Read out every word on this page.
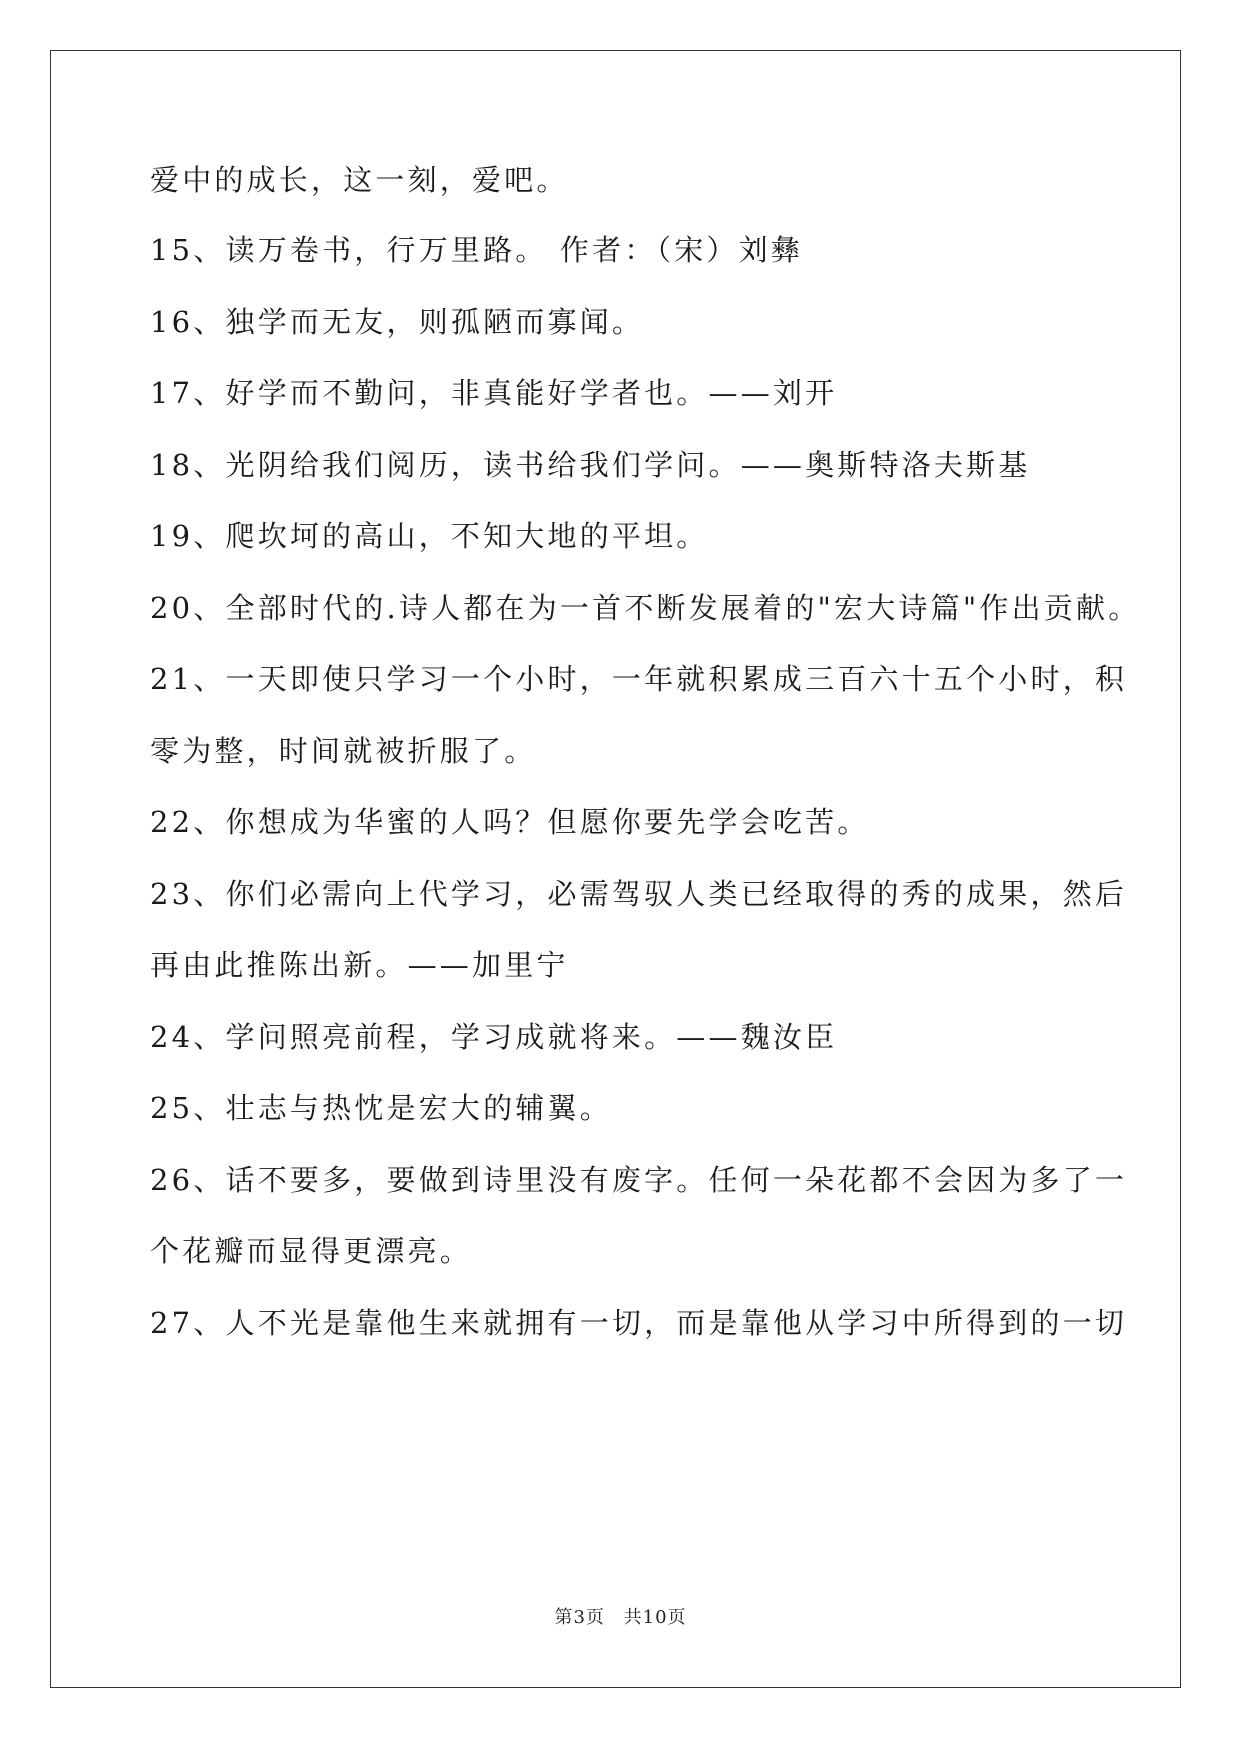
爱中的成长，这一刻，爱吧。
15、读万卷书，行万里路。 作者：（宋）刘彝
16、独学而无友，则孤陋而寡闻。
17、好学而不勤问，非真能好学者也。——刘开
18、光阴给我们阅历，读书给我们学问。——奥斯特洛夫斯基
19、爬坎坷的高山，不知大地的平坦。
20、全部时代的.诗人都在为一首不断发展着的"宏大诗篇"作出贡献。
21、一天即使只学习一个小时，一年就积累成三百六十五个小时，积
零为整，时间就被折服了。
22、你想成为华蜜的人吗？但愿你要先学会吃苦。
23、你们必需向上代学习，必需驾驭人类已经取得的秀的成果，然后
再由此推陈出新。——加里宁
24、学问照亮前程，学习成就将来。——魏汝臣
25、壮志与热忱是宏大的辅翼。
26、话不要多，要做到诗里没有废字。任何一朵花都不会因为多了一
个花瓣而显得更漂亮。
27、人不光是靠他生来就拥有一切，而是靠他从学习中所得到的一切
第3页 共10页
